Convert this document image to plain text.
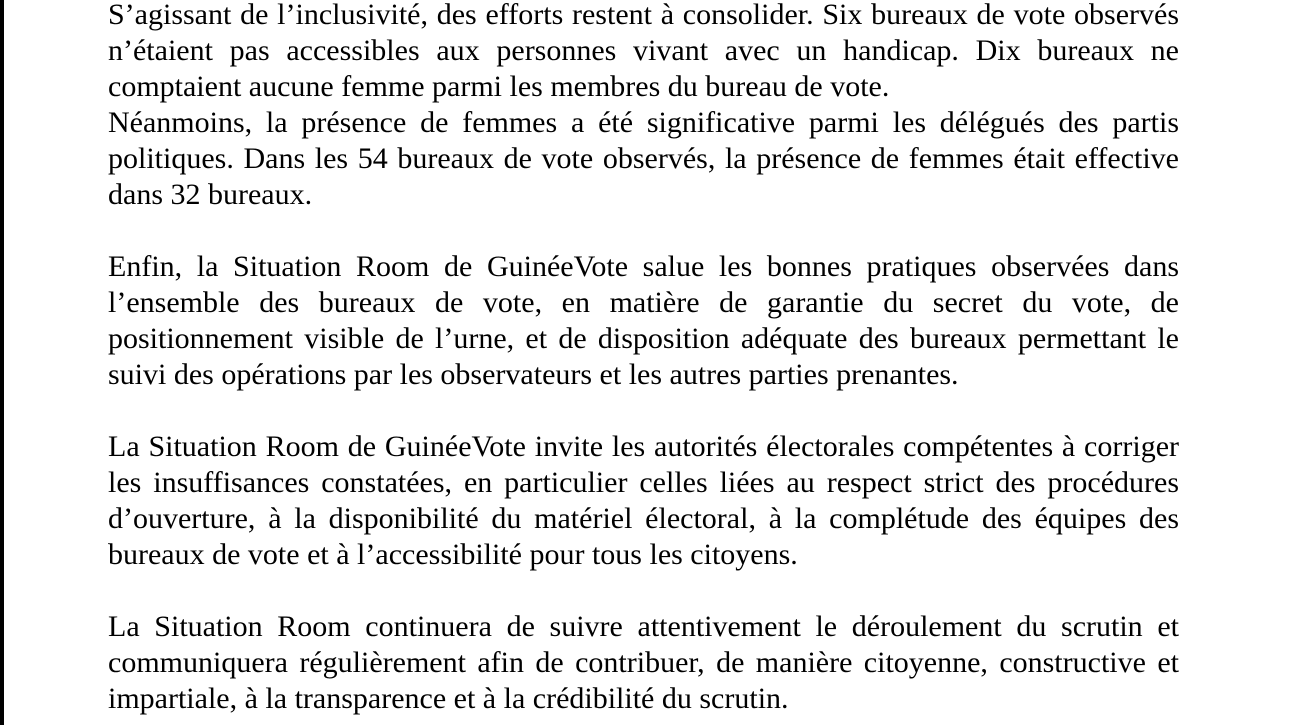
S’agissant de l’inclusivité, des efforts restent à consolider. Six bureaux de vote observés n’étaient pas accessibles aux personnes vivant avec un handicap. Dix bureaux ne comptaient aucune femme parmi les membres du bureau de vote.

Néanmoins, la présence de femmes a été significative parmi les délégués des partis politiques. Dans les 54 bureaux de vote observés, la présence de femmes était effective dans 32 bureaux.

Enfin, la Situation Room de GuinéeVote salue les bonnes pratiques observées dans l’ensemble des bureaux de vote, en matière de garantie du secret du vote, de positionnement visible de l’urne, et de disposition adéquate des bureaux permettant le suivi des opérations par les observateurs et les autres parties prenantes.

La Situation Room de GuinéeVote invite les autorités électorales compétentes à corriger les insuffisances constatées, en particulier celles liées au respect strict des procédures d’ouverture, à la disponibilité du matériel électoral, à la complétude des équipes des bureaux de vote et à l’accessibilité pour tous les citoyens.

La Situation Room continuera de suivre attentivement le déroulement du scrutin et communiquera régulièrement afin de contribuer, de manière citoyenne, constructive et impartiale, à la transparence et à la crédibilité du scrutin.
